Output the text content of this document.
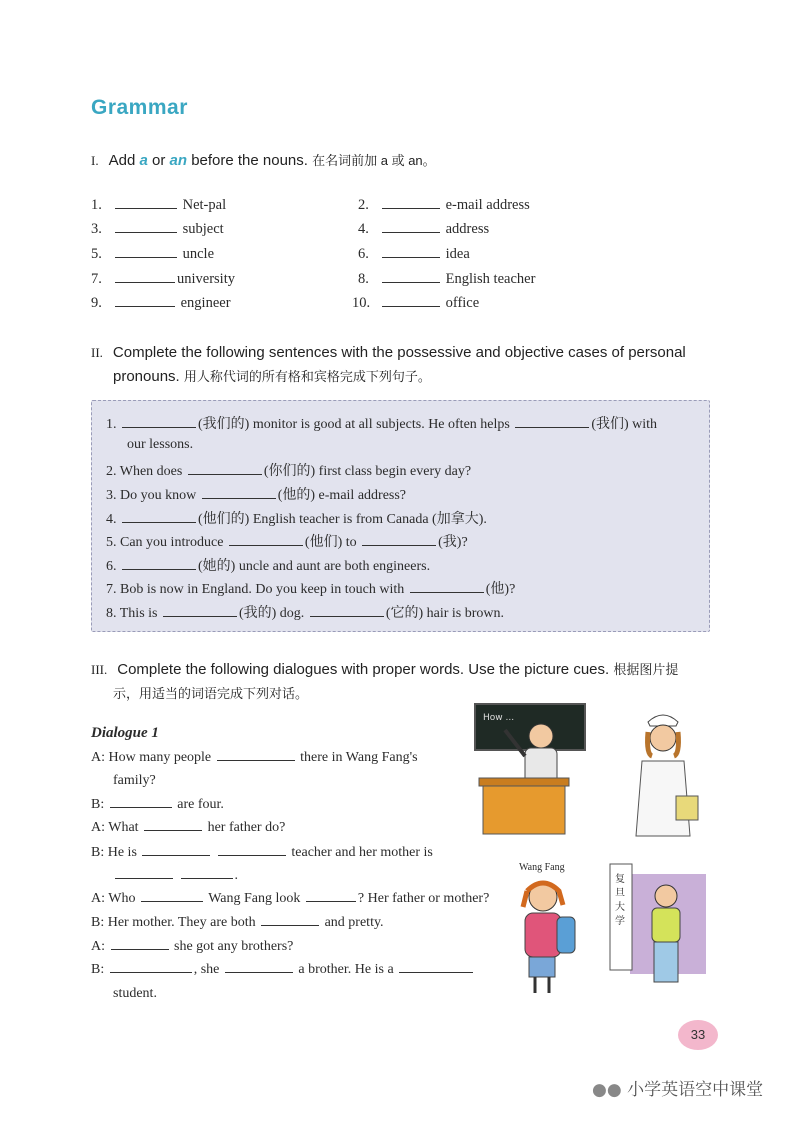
Grammar
I. Add a or an before the nouns. 在名词前加 a 或 an。
1.	Net-pal	2.	e-mail address
3.	subject	4.	address
5.	uncle	6.	idea
7.	university	8.	English teacher
9.	engineer	10.	office
II. Complete the following sentences with the possessive and objective cases of personal
pronouns. 用人称代词的所有格和宾格完成下列句子。
1.	(我们的) monitor is good at all subjects. He often helps	(我们) with
our lessons.
2. When does	(你们的) first class begin every day?
3. Do you know	(他的) e-mail address?
4.	(他们的) English teacher is from Canada (加拿大).
5. Can you introduce	(他们) to	(我)?
6.	(她的) uncle and aunt are both engineers.
7. Bob is now in England. Do you keep in touch with	(他)?
8. This is	(我的) dog.	(它的) hair is brown.
III. Complete the following dialogues with proper words. Use the picture cues. 根据图片提
示，用适当的词语完成下列对话。
Dialogue 1
A: How many people	there in Wang Fang's
family?
B:	are four.
A: What	her father do?
B: He is	teacher and her mother is
.
A: Who	Wang Fang look	? Her father or mother?
B: Her mother. They are both	and pretty.
A:	she got any brothers?
B:	, she	a brother. He is a
student.
How ...
Wang Fang
复旦大学
33
●● 小学英语空中课堂
